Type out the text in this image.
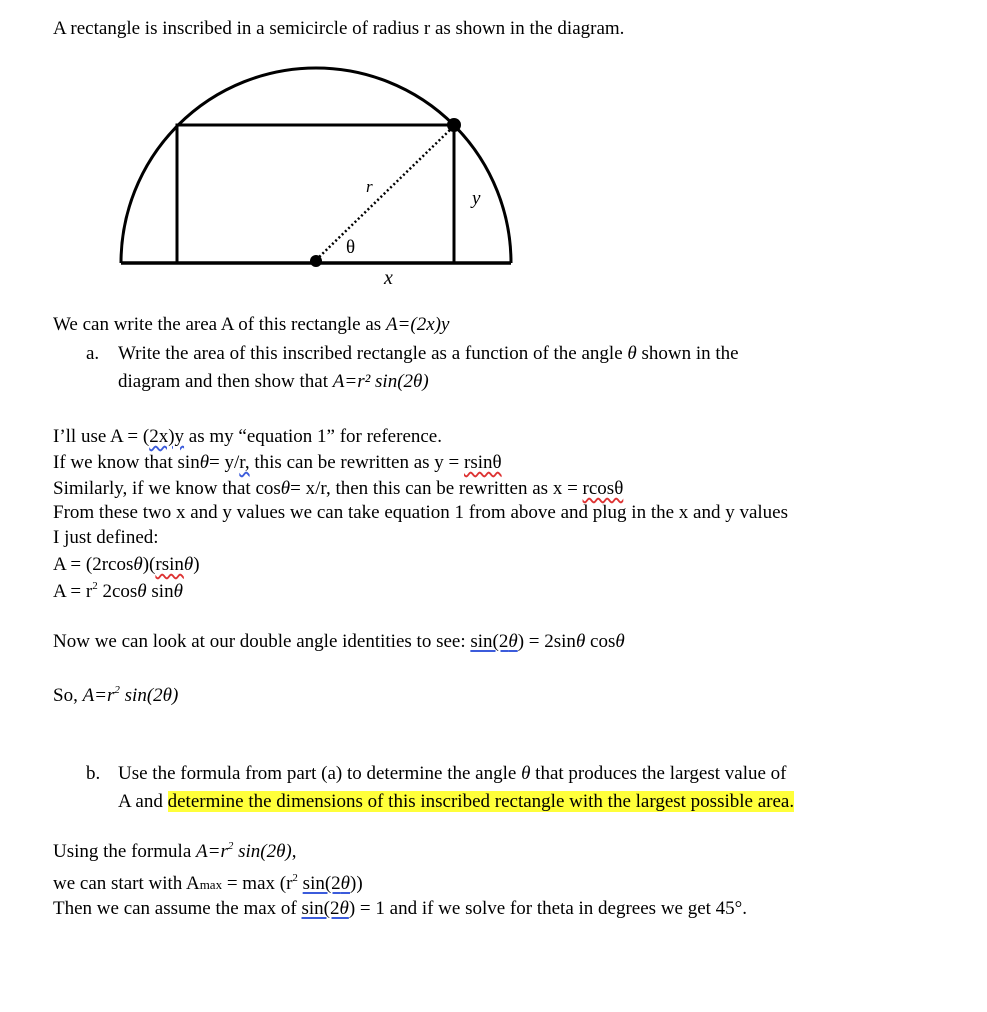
A rectangle is inscribed in a semicircle of radius r as shown in the diagram.
r
y
θ
x
We can write the area A of this rectangle as A=(2x)y
a. Write the area of this inscribed rectangle as a function of the angle θ shown in the
diagram and then show that A=r² sin(2θ)
I’ll use A = (2x)y as my “equation 1” for reference.
If we know that sinθ= y/r, this can be rewritten as y = rsinθ
Similarly, if we know that cosθ= x/r, then this can be rewritten as x = rcosθ
From these two x and y values we can take equation 1 from above and plug in the x and y values
I just defined:
A = (2rcosθ)(rsinθ)
$A = r^2$ 2cosθ sinθ
Now we can look at our double angle identities to see: sin(2θ) = 2sinθ cosθ
So, $A=r^2$ sin(2θ)
b. Use the formula from part (a) to determine the angle θ that produces the largest value of
A and determine the dimensions of this inscribed rectangle with the largest possible area.
Using the formula $A=r^2$ sin(2θ),
we can start with $Amax = \max (r^2$ sin(2θ))
Then we can assume the max of sin(2θ) = 1 and if we solve for theta in degrees we get 45°.
